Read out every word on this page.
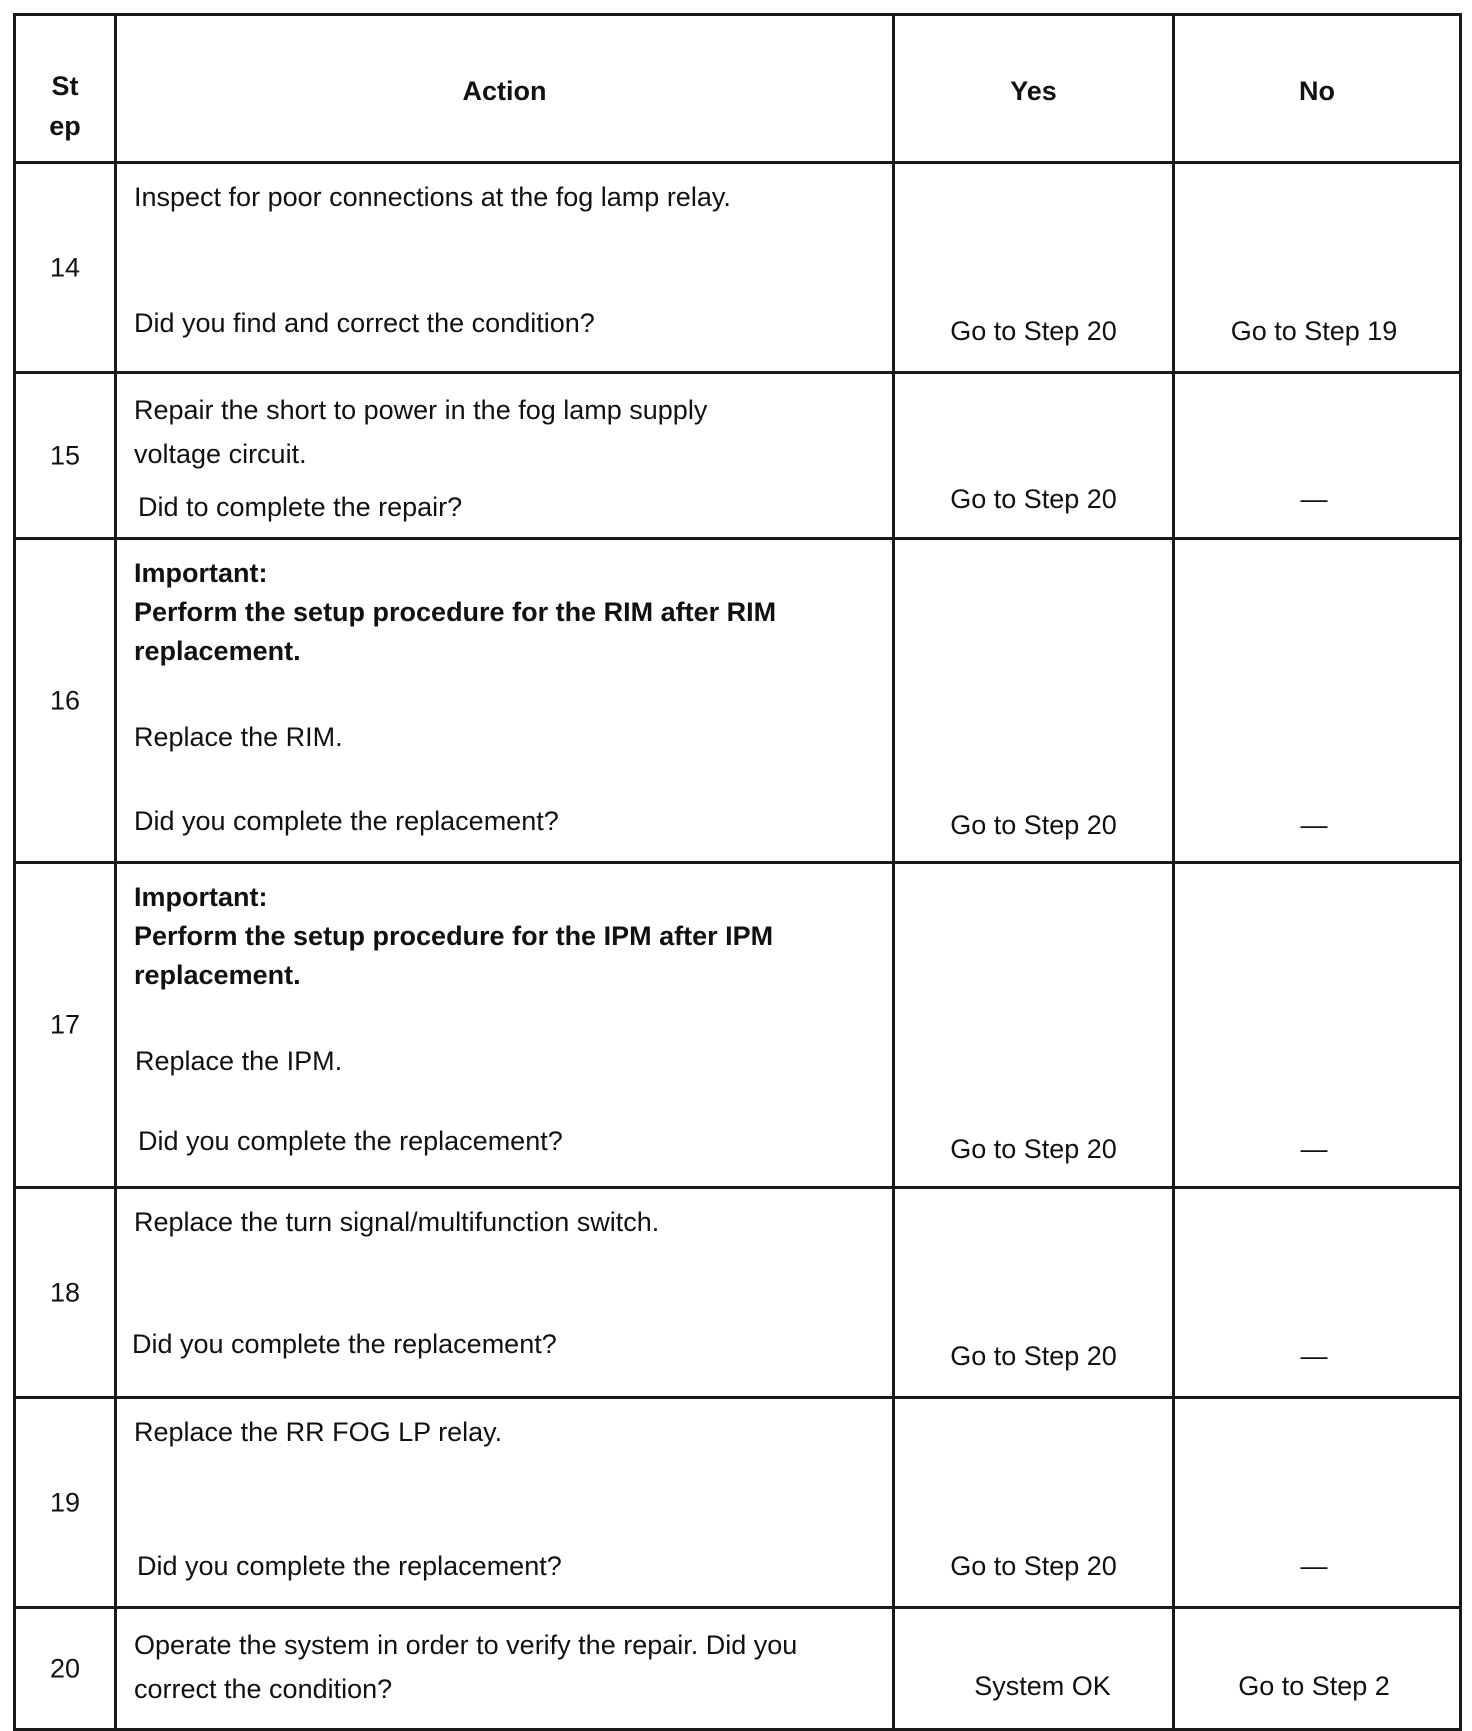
St ep	Action	Yes	No

14	Inspect for poor connections at the fog lamp relay.
Did you find and correct the condition?	Go to Step 20	Go to Step 19

15	Repair the short to power in the fog lamp supply voltage circuit.
Did to complete the repair?	Go to Step 20	—

16	Important:
Perform the setup procedure for the RIM after RIM replacement.
Replace the RIM.
Did you complete the replacement?	Go to Step 20	—

17	Important:
Perform the setup procedure for the IPM after IPM replacement.
Replace the IPM.
Did you complete the replacement?	Go to Step 20	—

18	Replace the turn signal/multifunction switch.
Did you complete the replacement?	Go to Step 20	—

19	Replace the RR FOG LP relay.
Did you complete the replacement?	Go to Step 20	—

20	Operate the system in order to verify the repair. Did you correct the condition?	System OK	Go to Step 2
